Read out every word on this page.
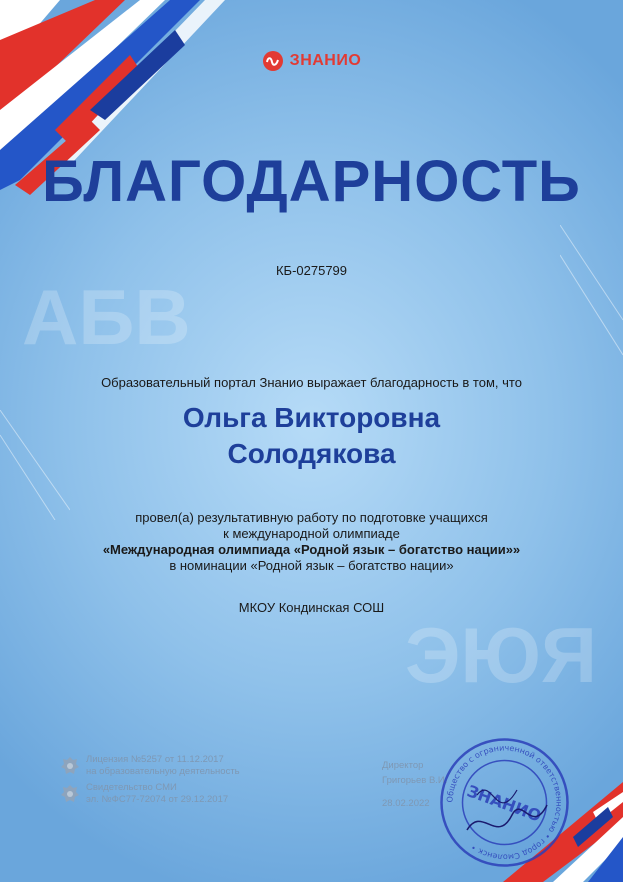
ЗНАНИО
БЛАГОДАРНОСТЬ
КБ-0275799
АБВ
ЭЮЯ
Образовательный портал Знанио выражает благодарность в том, что
Ольга Викторовна
Солодякова
провел(а) результативную работу по подготовке учащихся
к международной олимпиаде
«Международная олимпиада «Родной язык – богатство нации»»
в номинации «Родной язык – богатство нации»
МКОУ Кондинская СОШ
Лицензия №5257 от 11.12.2017
на образовательную деятельность
Свидетельство СМИ
эл. №ФС77-72074 от 29.12.2017
Директор
Григорьев В.И.
28.02.2022	Общество с ограниченной ответственностью • город Смоленск •
ЗНАНИО
